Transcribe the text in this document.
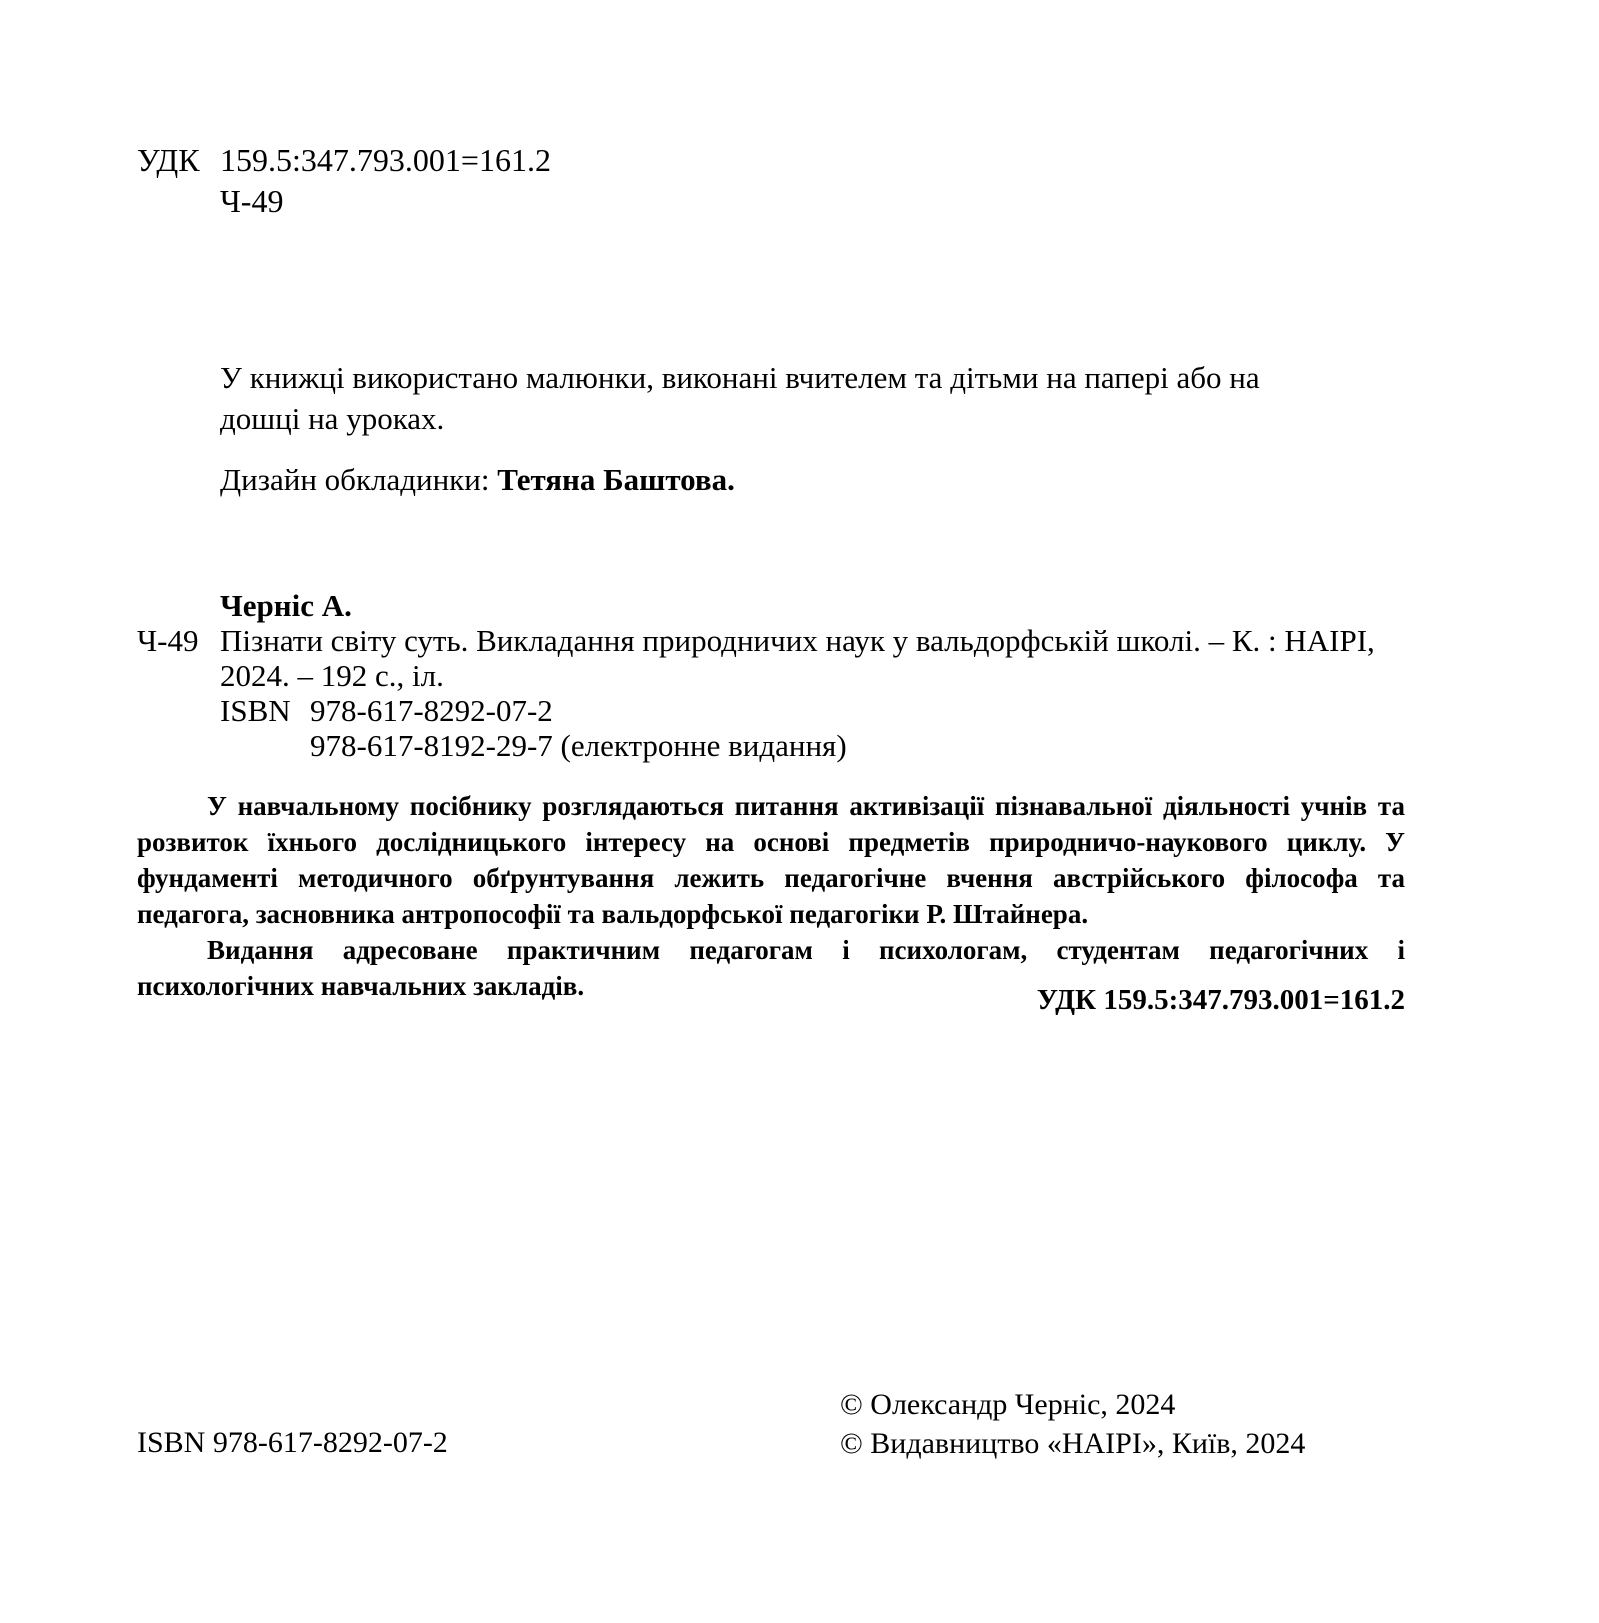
УДК 159.5:347.793.001=161.2
Ч-49
У книжці використано малюнки, виконані вчителем та дітьми на папері або на дошці на уроках.
Дизайн обкладинки: Тетяна Баштова.
Черніс А.
Ч-49 Пізнати світу суть. Викладання природничих наук у вальдорфській школі. – К. : НАІРІ, 2024. – 192 с., іл.
ISBN 978-617-8292-07-2
978-617-8192-29-7 (електронне видання)

У навчальному посібнику розглядаються питання активізації пізнавальної діяльності учнів та розвиток їхнього дослідницького інтересу на основі предметів природничо-наукового циклу. У фундаменті методичного обґрунтування лежить педагогічне вчення австрійського філософа та педагога, засновника антропософії та вальдорфської педагогіки Р. Штайнера.

Видання адресоване практичним педагогам і психологам, студентам педагогічних і психологічних навчальних закладів.	УДК 159.5:347.793.001=161.2
ISBN 978-617-8292-07-2
© Олександр Черніс, 2024
© Видавництво «НАІРІ», Київ, 2024
